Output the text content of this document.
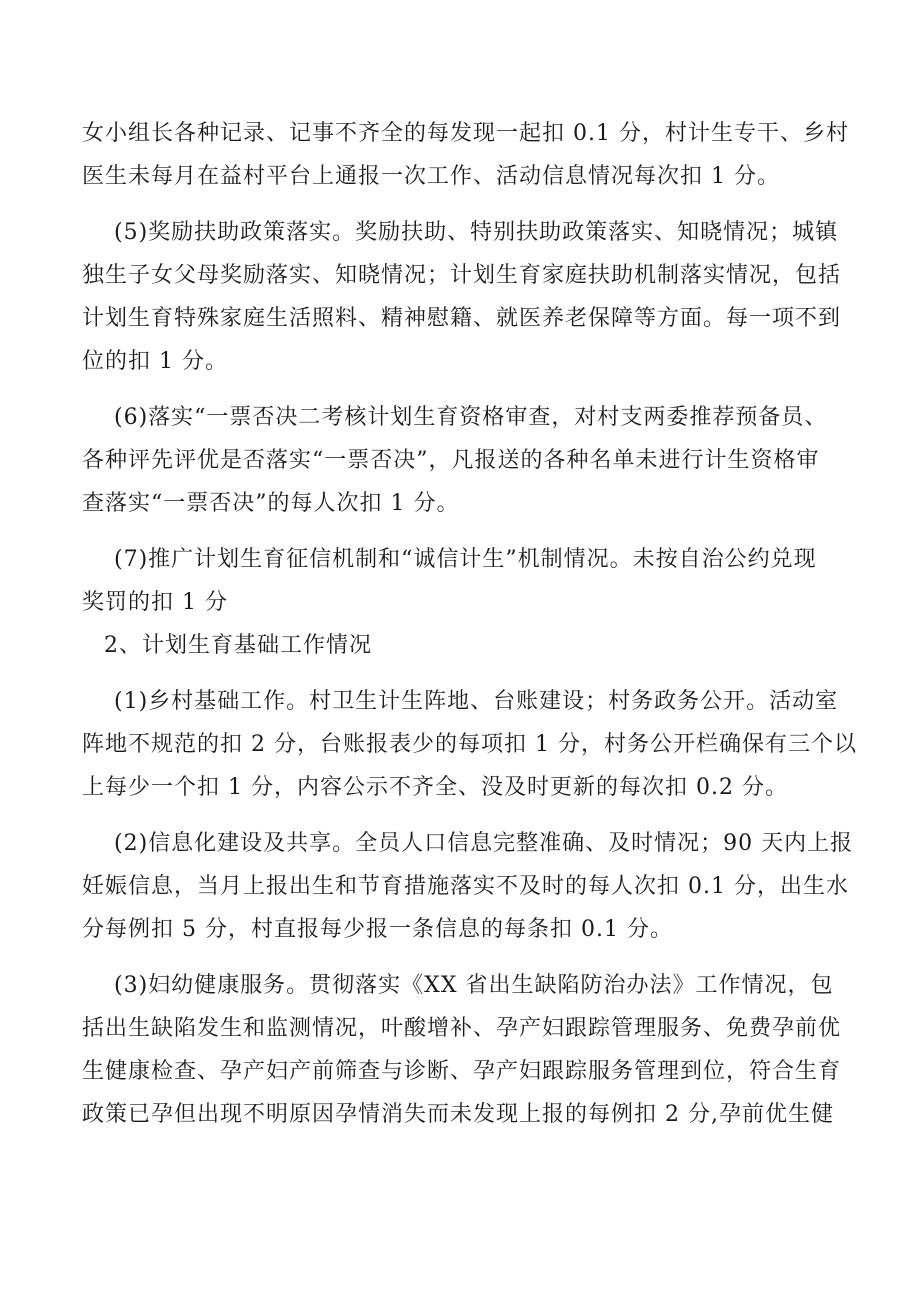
女小组长各种记录、记事不齐全的每发现一起扣 0.1 分，村计生专干、乡村
医生未每月在益村平台上通报一次工作、活动信息情况每次扣 1 分。
(5)奖励扶助政策落实。奖励扶助、特别扶助政策落实、知晓情况；城镇
独生子女父母奖励落实、知晓情况；计划生育家庭扶助机制落实情况，包括
计划生育特殊家庭生活照料、精神慰籍、就医养老保障等方面。每一项不到
位的扣 1 分。
(6)落实“一票否决二考核计划生育资格审查，对村支两委推荐预备员、
各种评先评优是否落实“一票否决”，凡报送的各种名单未进行计生资格审
查落实“一票否决”的每人次扣 1 分。
(7)推广计划生育征信机制和“诚信计生”机制情况。未按自治公约兑现
奖罚的扣 1 分
2、计划生育基础工作情况
(1)乡村基础工作。村卫生计生阵地、台账建设；村务政务公开。活动室
阵地不规范的扣 2 分，台账报表少的每项扣 1 分，村务公开栏确保有三个以
上每少一个扣 1 分，内容公示不齐全、没及时更新的每次扣 0.2 分。
(2)信息化建设及共享。全员人口信息完整准确、及时情况；90 天内上报
妊娠信息，当月上报出生和节育措施落实不及时的每人次扣 0.1 分，出生水
分每例扣 5 分，村直报每少报一条信息的每条扣 0.1 分。
(3)妇幼健康服务。贯彻落实《XX 省出生缺陷防治办法》工作情况，包
括出生缺陷发生和监测情况，叶酸增补、孕产妇跟踪管理服务、免费孕前优
生健康检查、孕产妇产前筛查与诊断、孕产妇跟踪服务管理到位，符合生育
政策已孕但出现不明原因孕情消失而未发现上报的每例扣 2 分,孕前优生健
